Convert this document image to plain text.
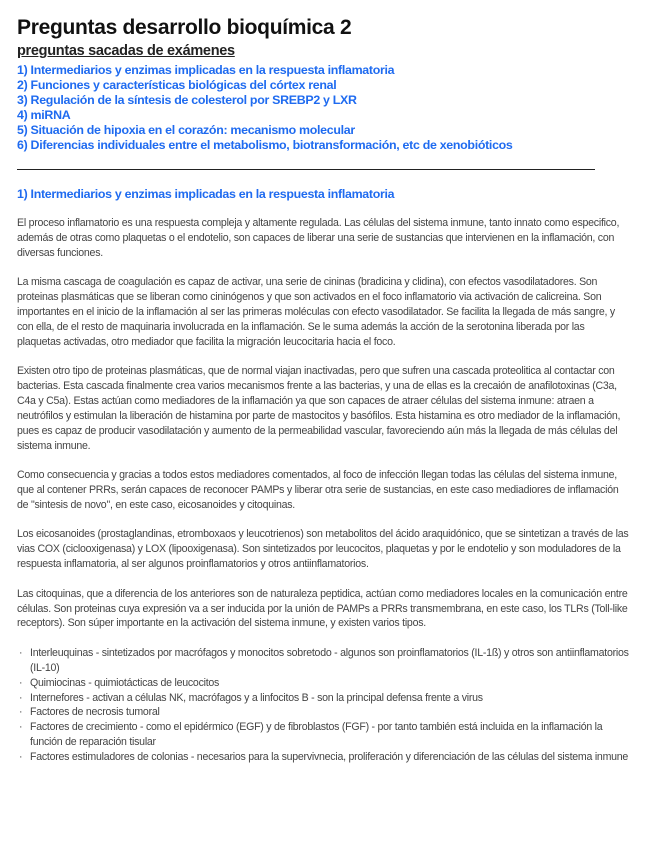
Preguntas desarrollo bioquímica 2
preguntas sacadas de exámenes
1) Intermediarios y enzimas implicadas en la respuesta inflamatoria
2) Funciones y características biológicas del córtex renal
3) Regulación de la síntesis de colesterol por SREBP2 y LXR
4) miRNA
5) Situación de hipoxia en el corazón: mecanismo molecular
6) Diferencias individuales entre el metabolismo, biotransformación, etc de xenobióticos
1) Intermediarios y enzimas implicadas en la respuesta inflamatoria

El proceso inflamatorio es una respuesta compleja y altamente regulada. Las células del sistema inmune, tanto innato como especifico, además de otras como plaquetas o el endotelio, son capaces de liberar una serie de sustancias que intervienen en la inflamación, con diversas funciones.

La misma cascaga de coagulación es capaz de activar, una serie de cininas (bradicina y clidina), con efectos vasodilatadores. Son proteinas plasmáticas que se liberan como cininógenos y que son activados en el foco inflamatorio via activación de calicreina. Son importantes en el inicio de la inflamación al ser las primeras moléculas con efecto vasodilatador. Se facilita la llegada de más sangre, y con ella, de el resto de maquinaria involucrada en la inflamación. Se le suma además la acción de la serotonina liberada por las plaquetas activadas, otro mediador que facilita la migración leucocitaria hacia el foco.

Existen otro tipo de proteinas plasmáticas, que de normal viajan inactivadas, pero que sufren una cascada proteolitica al contactar con bacterias. Esta cascada finalmente crea varios mecanismos frente a las bacterias, y una de ellas es la crecaión de anafilotoxinas (C3a, C4a y C5a). Estas actúan como mediadores de la inflamación ya que son capaces de atraer células del sistema inmune: atraen a neutrófilos y estimulan la liberación de histamina por parte de mastocitos y basófilos. Esta histamina es otro mediador de la inflamación, pues es capaz de producir vasodilatación y aumento de la permeabilidad vascular, favoreciendo aún más la llegada de más células del sistema inmune.

Como consecuencia y gracias a todos estos mediadores comentados, al foco de infección llegan todas las células del sistema inmune, que al contener PRRs, serán capaces de reconocer PAMPs y liberar otra serie de sustancias, en este caso mediadiores de inflamación de "sintesis de novo", en este caso, eicosanoides y citoquinas.

Los eicosanoides (prostaglandinas, etromboxaos y leucotrienos) son metabolitos del ácido araquidónico, que se sintetizan a través de las vias COX (ciclooxigenasa) y LOX (lipooxigenasa). Son sintetizados por leucocitos, plaquetas y por le endotelio y son moduladores de la respuesta inflamatoria, al ser algunos proinflamatorios y otros antiinflamatorios.

Las citoquinas, que a diferencia de los anteriores son de naturaleza peptidica, actúan como mediadores locales en la comunicación entre células. Son proteinas cuya expresión va a ser inducida por la unión de PAMPs a PRRs transmembrana, en este caso, los TLRs (Toll-like receptors). Son súper importante en la activación del sistema inmune, y existen varios tipos.

· Interleuquinas - sintetizados por macrófagos y monocitos sobretodo - algunos son proinflamatorios (IL-1ß) y otros son antiinflamatorios (IL-10)
· Quimiocinas - quimiotácticas de leucocitos
· Internefores - activan a células NK, macrófagos y a linfocitos B - son la principal defensa frente a virus
· Factores de necrosis tumoral
· Factores de crecimiento - como el epidérmico (EGF) y de fibroblastos (FGF) - por tanto también está incluida en la inflamación la función de reparación tisular
· Factores estimuladores de colonias - necesarios para la supervivnecia, proliferación y diferenciación de las células del sistema inmune
